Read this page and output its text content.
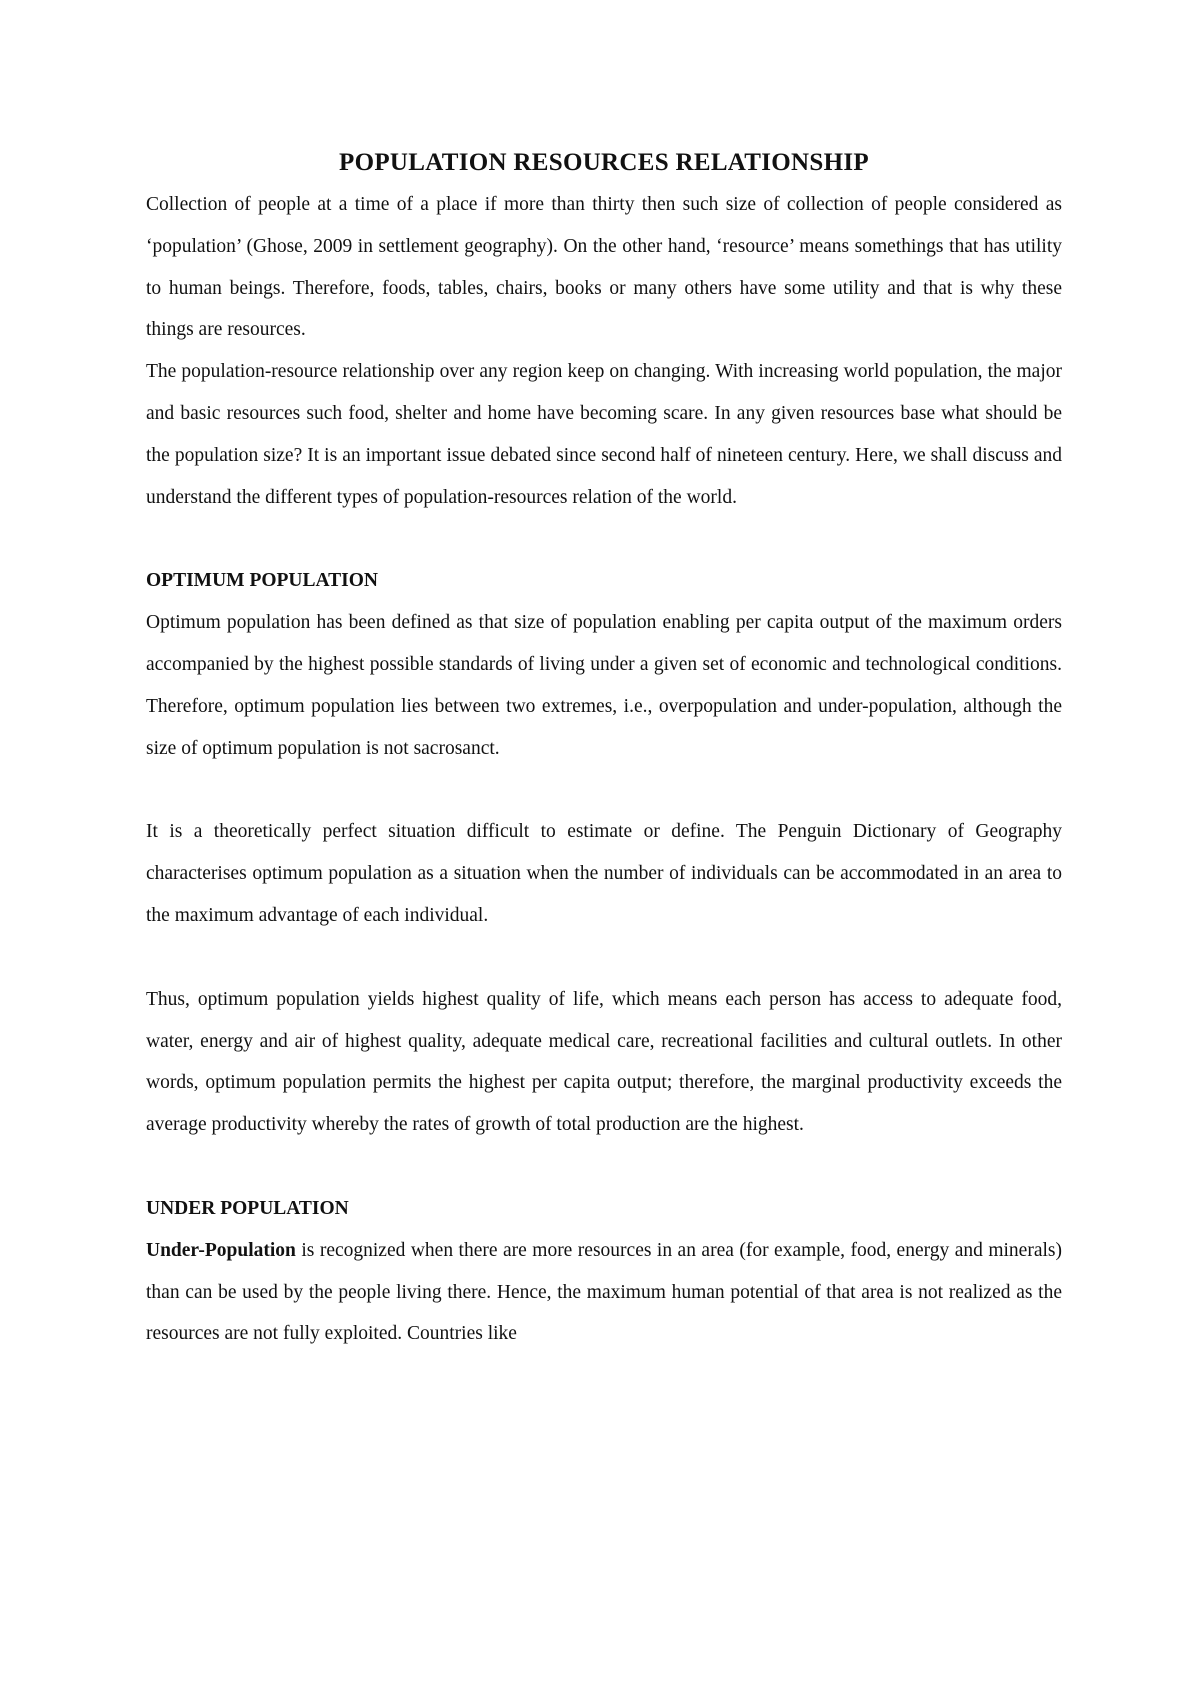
POPULATION RESOURCES RELATIONSHIP

Collection of people at a time of a place if more than thirty then such size of collection of people considered as ‘population’ (Ghose, 2009 in settlement geography). On the other hand, ‘resource’ means somethings that has utility to human beings. Therefore, foods, tables, chairs, books or many others have some utility and that is why these things are resources.

The population-resource relationship over any region keep on changing. With increasing world population, the major and basic resources such food, shelter and home have becoming scare. In any given resources base what should be the population size? It is an important issue debated since second half of nineteen century. Here, we shall discuss and understand the different types of population-resources relation of the world.

OPTIMUM POPULATION

Optimum population has been defined as that size of population enabling per capita output of the maximum orders accompanied by the highest possible standards of living under a given set of economic and technological conditions. Therefore, optimum population lies between two extremes, i.e., overpopulation and under-population, although the size of optimum population is not sacrosanct.

It is a theoretically perfect situation difficult to estimate or define. The Penguin Dictionary of Geography characterises optimum population as a situation when the number of individuals can be accommodated in an area to the maximum advantage of each individual.

Thus, optimum population yields highest quality of life, which means each person has access to adequate food, water, energy and air of highest quality, adequate medical care, recreational facilities and cultural outlets. In other words, optimum population permits the highest per capita output; therefore, the marginal productivity exceeds the average productivity whereby the rates of growth of total production are the highest.

UNDER POPULATION

Under-Population is recognized when there are more resources in an area (for example, food, energy and minerals) than can be used by the people living there. Hence, the maximum human potential of that area is not realized as the resources are not fully exploited. Countries like
